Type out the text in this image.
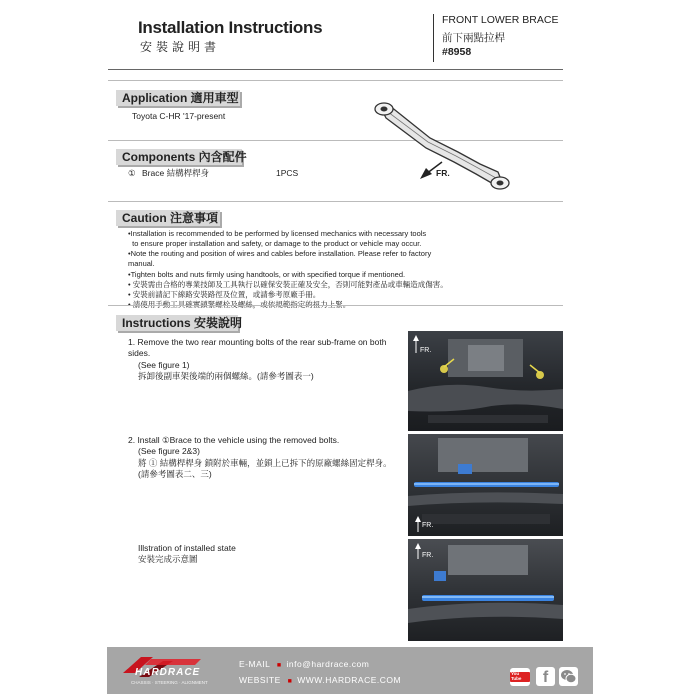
Installation Instructions
安裝說明書
FRONT LOWER BRACE
前下兩點拉桿
#8958
Application 適用車型
Toyota C-HR '17-present
Components 內含配件
① Brace 結構桿桿身	1PCS	FR.
Caution 注意事項
•Installation is recommended to be performed by licensed mechanics with necessary tools
to ensure proper installation and safety, or damage to the product or vehicle may occur.
•Note the routing and position of wires and cables before installation. Please refer to factory manual.
•Tighten bolts and nuts firmly using handtools, or with specified torque if mentioned.
• 安裝需由合格的專業技師及工具執行以確保安裝正確及安全，否則可能對產品或車輛造成傷害。
• 安裝前請記下線路安裝路徑及位置，或請參考原廠手冊。
Instructions 安裝說明
1. Remove the two rear mounting bolts of the rear sub-frame on both sides.
(See figure 1)
拆卸後副車架後端的兩個螺絲。(請參考圖表一)
2. Install ①Brace to the vehicle using the removed bolts.
(See figure 2&3)
將 ① 結構桿桿身 鎖附於車輛，並鎖上已拆下的原廠螺絲固定桿身。
(請參考圖表二、三)
Illstration of installed state
安裝完成示意圖
FR.
FR.
FR.
HARDRACE
CHASSIS · STEERING · ALIGNMENT
E-MAIL ■ info@hardrace.com
WEBSITE ■ WWW.HARDRACE.COM
You Tube	f
